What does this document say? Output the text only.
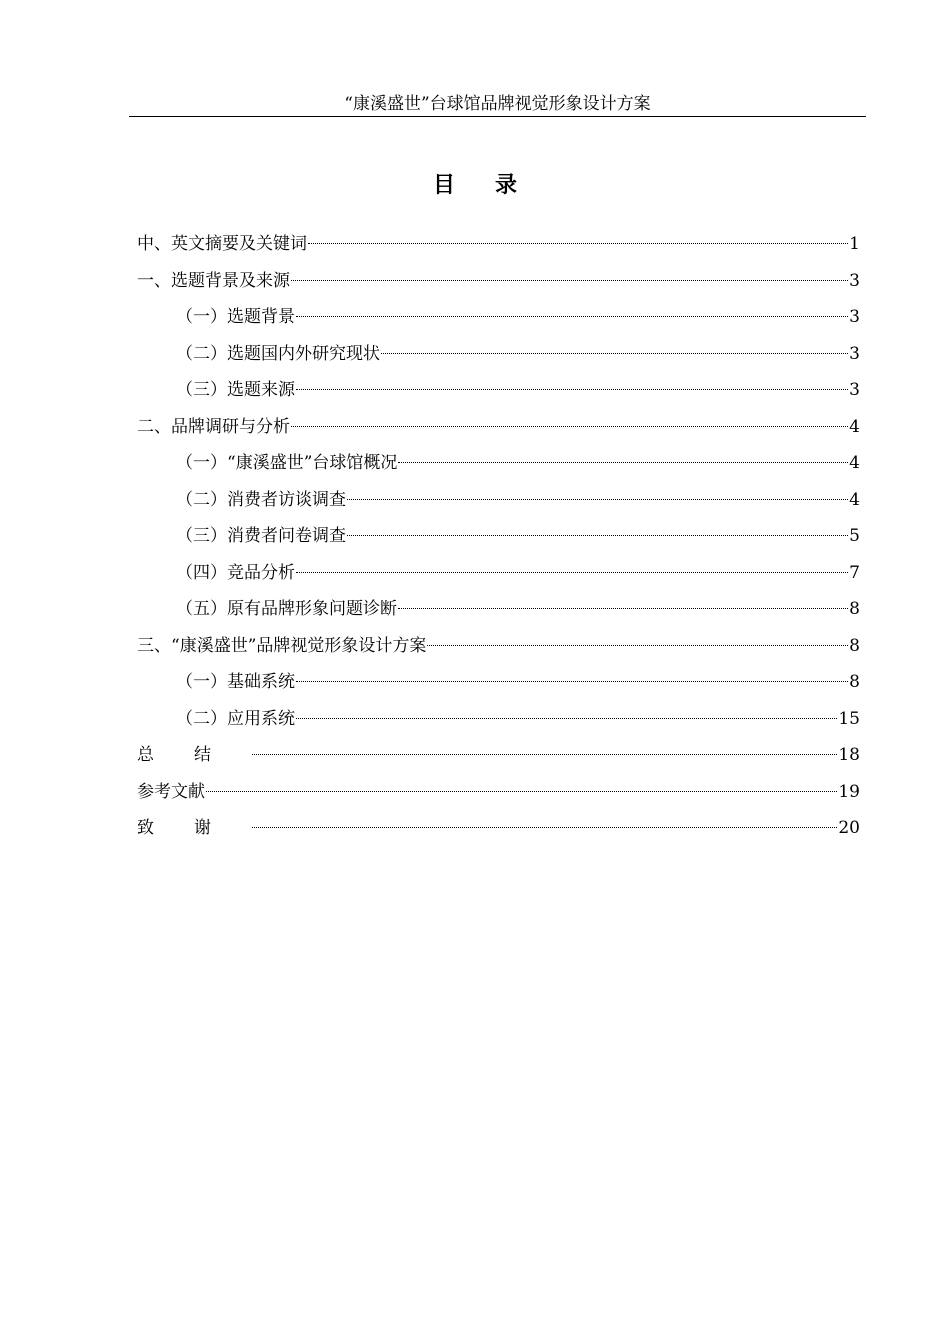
“康溪盛世”台球馆品牌视觉形象设计方案
目录
中、英文摘要及关键词	1
一、选题背景及来源	3
（一）选题背景	3
（二）选题国内外研究现状	3
（三）选题来源	3
二、品牌调研与分析	4
（一）“康溪盛世”台球馆概况	4
（二）消费者访谈调查	4
（三）消费者问卷调查	5
（四）竞品分析	7
（五）原有品牌形象问题诊断	8
三、“康溪盛世”品牌视觉形象设计方案	8
（一）基础系统	8
（二）应用系统	15
总结	18
参考文献	19
致谢	20
